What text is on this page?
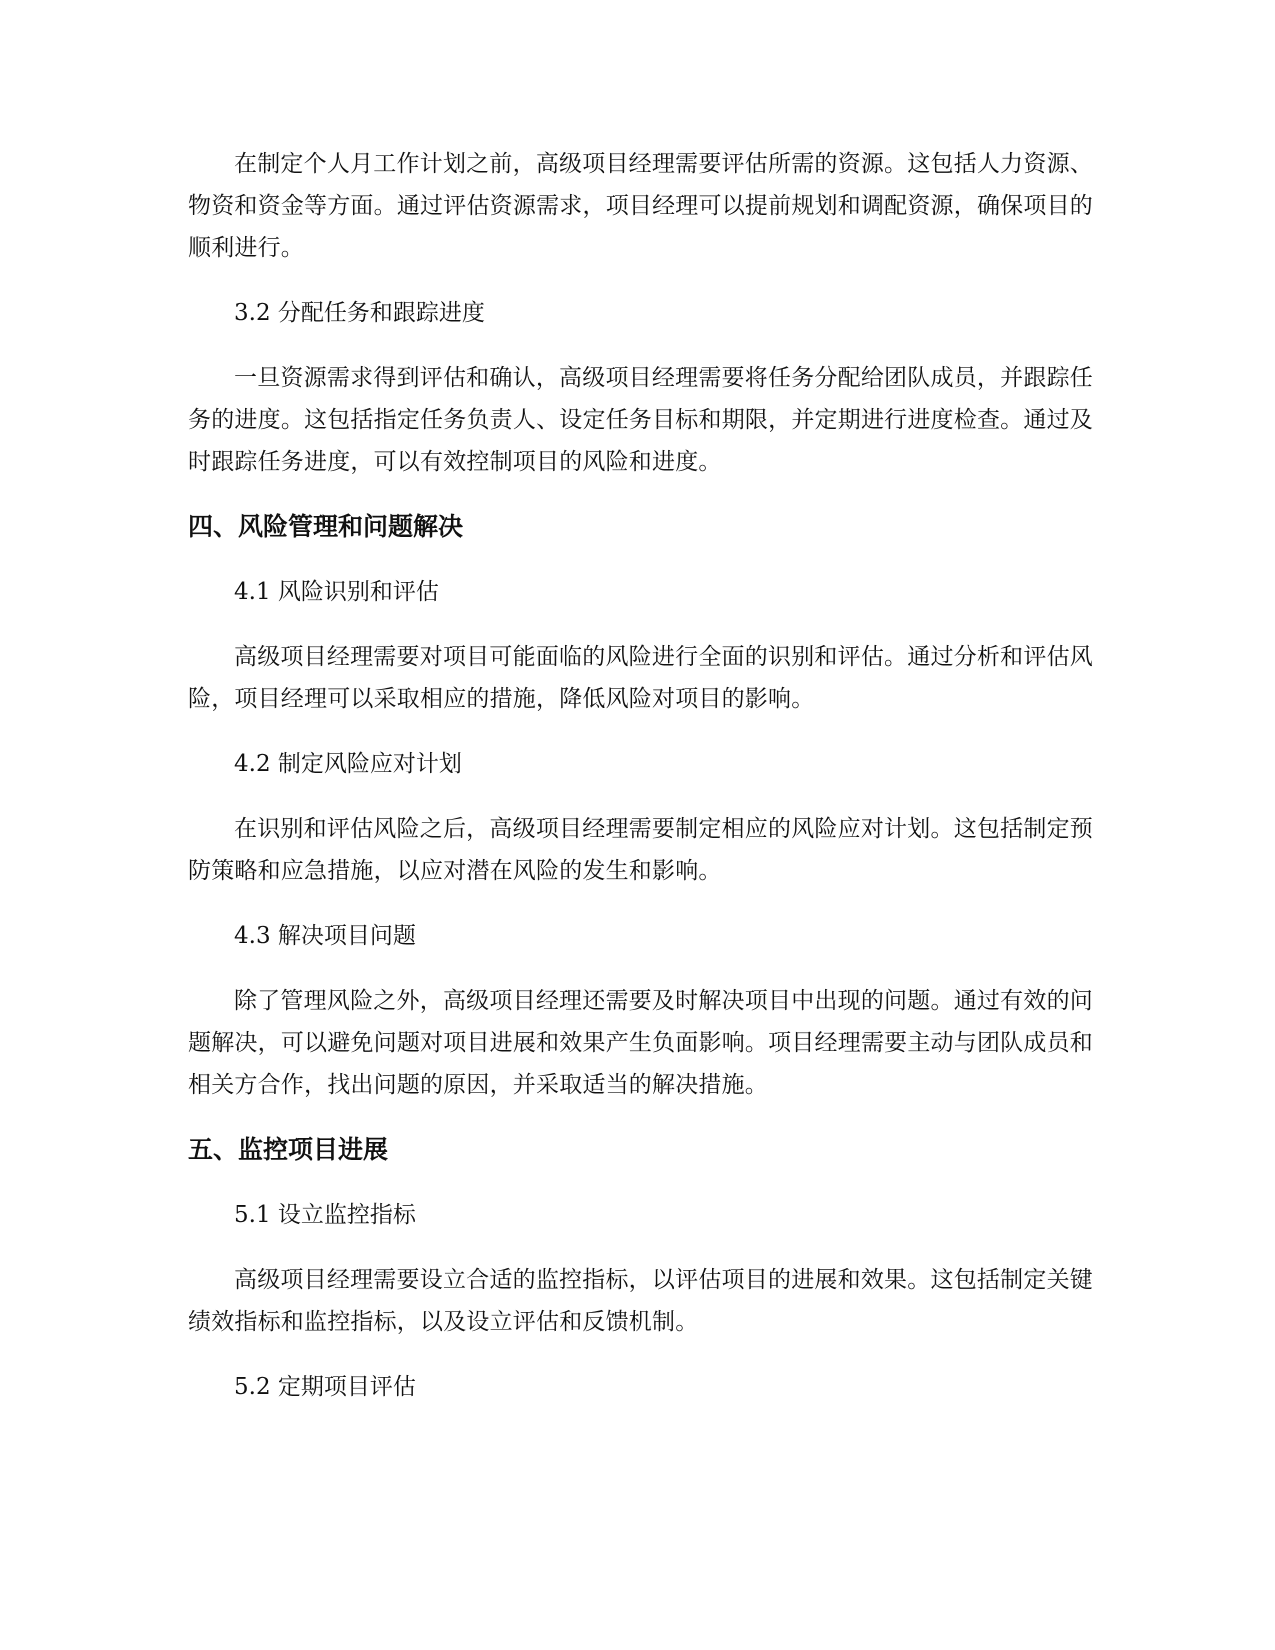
在制定个人月工作计划之前，高级项目经理需要评估所需的资源。这包括人力资源、物资和资金等方面。通过评估资源需求，项目经理可以提前规划和调配资源，确保项目的顺利进行。

3.2 分配任务和跟踪进度

一旦资源需求得到评估和确认，高级项目经理需要将任务分配给团队成员，并跟踪任务的进度。这包括指定任务负责人、设定任务目标和期限，并定期进行进度检查。通过及时跟踪任务进度，可以有效控制项目的风险和进度。

四、风险管理和问题解决

4.1 风险识别和评估

高级项目经理需要对项目可能面临的风险进行全面的识别和评估。通过分析和评估风险，项目经理可以采取相应的措施，降低风险对项目的影响。

4.2 制定风险应对计划

在识别和评估风险之后，高级项目经理需要制定相应的风险应对计划。这包括制定预防策略和应急措施，以应对潜在风险的发生和影响。

4.3 解决项目问题

除了管理风险之外，高级项目经理还需要及时解决项目中出现的问题。通过有效的问题解决，可以避免问题对项目进展和效果产生负面影响。项目经理需要主动与团队成员和相关方合作，找出问题的原因，并采取适当的解决措施。

五、监控项目进展

5.1 设立监控指标

高级项目经理需要设立合适的监控指标，以评估项目的进展和效果。这包括制定关键绩效指标和监控指标，以及设立评估和反馈机制。

5.2 定期项目评估
